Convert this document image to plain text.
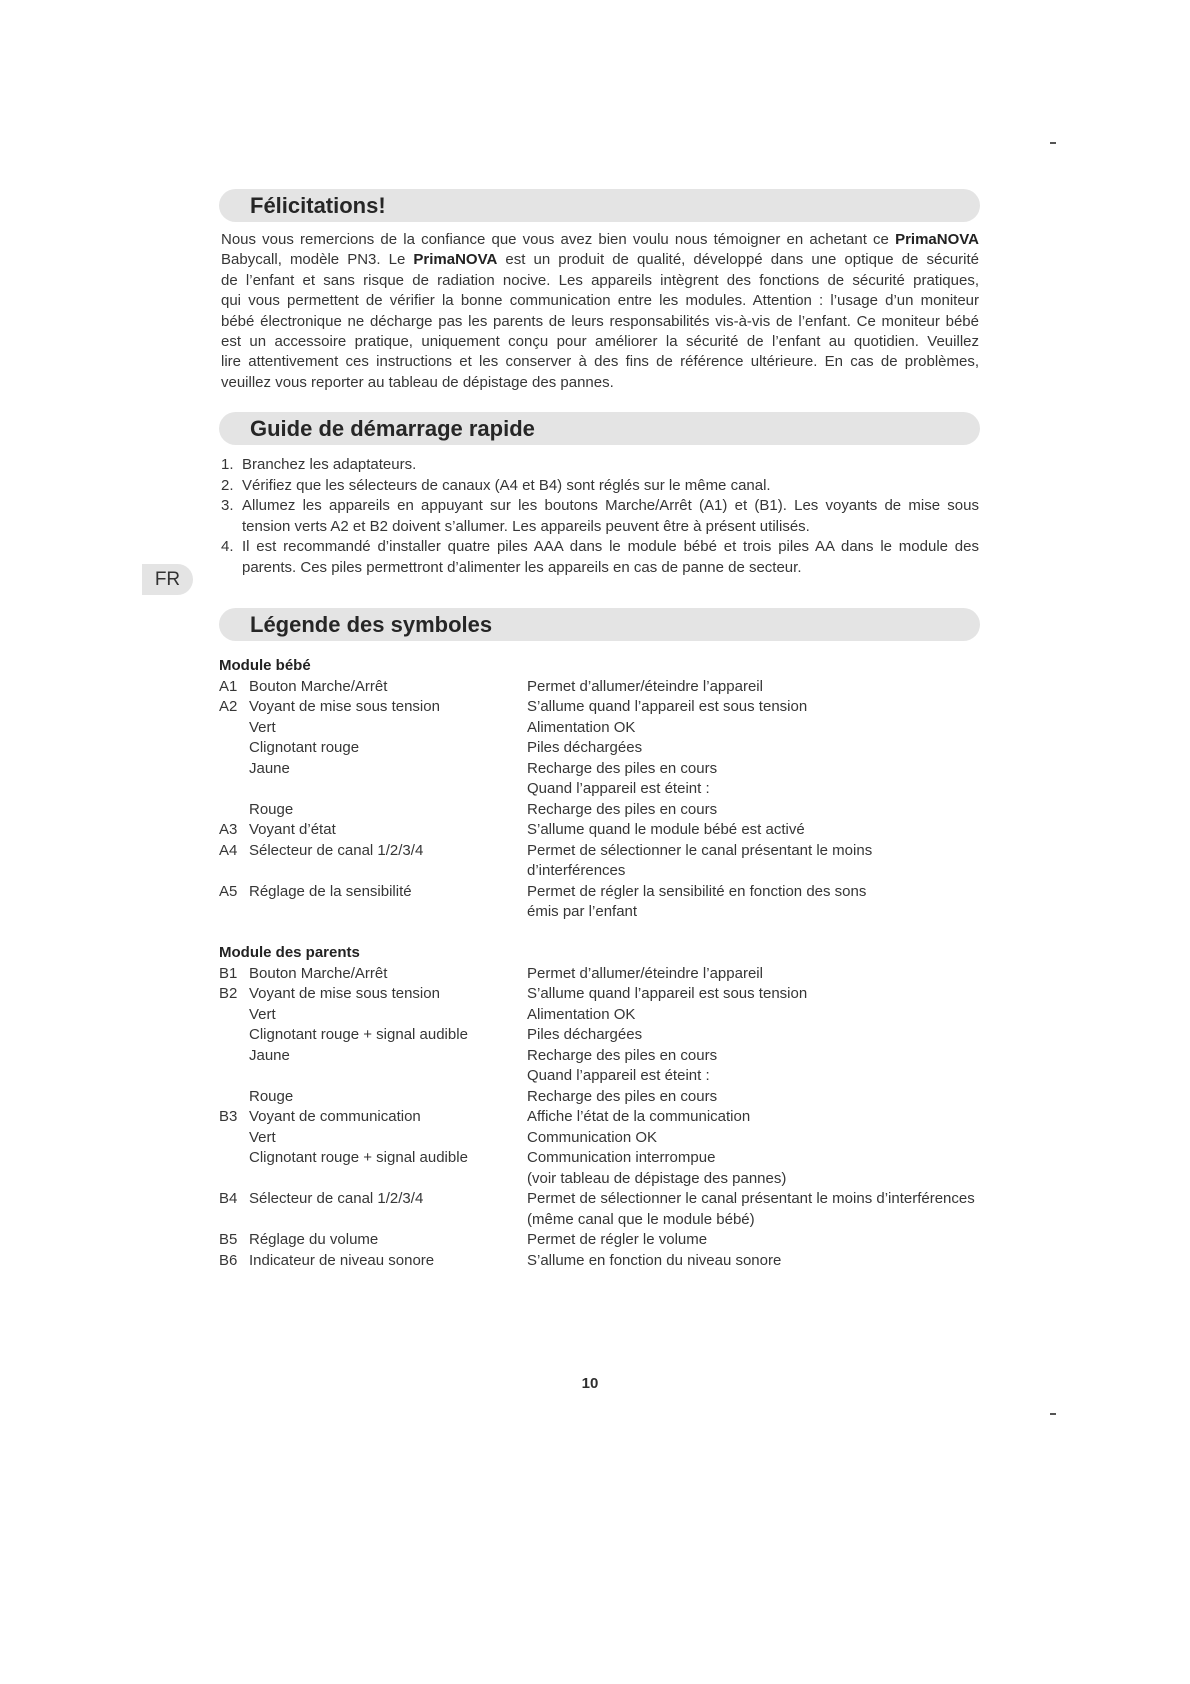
Félicitations!
Nous vous remercions de la confiance que vous avez bien voulu nous témoigner en achetant ce PrimaNOVA
Babycall, modèle PN3. Le PrimaNOVA est un produit de qualité, développé dans une optique de sécurité
de l’enfant et sans risque de radiation nocive. Les appareils intègrent des fonctions de sécurité pratiques,
qui vous permettent de vérifier la bonne communication entre les modules. Attention : l’usage d’un moniteur
bébé électronique ne décharge pas les parents de leurs responsabilités vis-à-vis de l’enfant. Ce moniteur bébé
est un accessoire pratique, uniquement conçu pour améliorer la sécurité de l’enfant au quotidien. Veuillez
lire attentivement ces instructions et les conserver à des fins de référence ultérieure. En cas de problèmes,
veuillez vous reporter au tableau de dépistage des pannes.
Guide de démarrage rapide
1. Branchez les adaptateurs.
2. Vérifiez que les sélecteurs de canaux (A4 et B4) sont réglés sur le même canal.
3. Allumez les appareils en appuyant sur les boutons Marche/Arrêt (A1) et (B1). Les voyants de mise sous
tension verts A2 et B2 doivent s’allumer. Les appareils peuvent être à présent utilisés.
4. Il est recommandé d’installer quatre piles AAA dans le module bébé et trois piles AA dans le module des
parents. Ces piles permettront d’alimenter les appareils en cas de panne de secteur.
FR
Légende des symboles
Module bébé
A1 Bouton Marche/Arrêt	Permet d’allumer/éteindre l’appareil
A2 Voyant de mise sous tension	S’allume quand l’appareil est sous tension
Vert	Alimentation OK
Clignotant rouge	Piles déchargées
Jaune	Recharge des piles en cours
Quand l’appareil est éteint :
Rouge	Recharge des piles en cours
A3 Voyant d’état	S’allume quand le module bébé est activé
A4 Sélecteur de canal 1/2/3/4	Permet de sélectionner le canal présentant le moins
d’interférences
A5 Réglage de la sensibilité	Permet de régler la sensibilité en fonction des sons
émis par l’enfant
Module des parents
B1 Bouton Marche/Arrêt	Permet d’allumer/éteindre l’appareil
B2 Voyant de mise sous tension	S’allume quand l’appareil est sous tension
Vert	Alimentation OK
Clignotant rouge + signal audible	Piles déchargées
Jaune	Recharge des piles en cours
Quand l’appareil est éteint :
Rouge	Recharge des piles en cours
B3 Voyant de communication	Affiche l’état de la communication
Vert	Communication OK
Clignotant rouge + signal audible	Communication interrompue
(voir tableau de dépistage des pannes)
B4 Sélecteur de canal 1/2/3/4	Permet de sélectionner le canal présentant le moins d’interférences
(même canal que le module bébé)
B5 Réglage du volume	Permet de régler le volume
B6 Indicateur de niveau sonore	S’allume en fonction du niveau sonore
10
